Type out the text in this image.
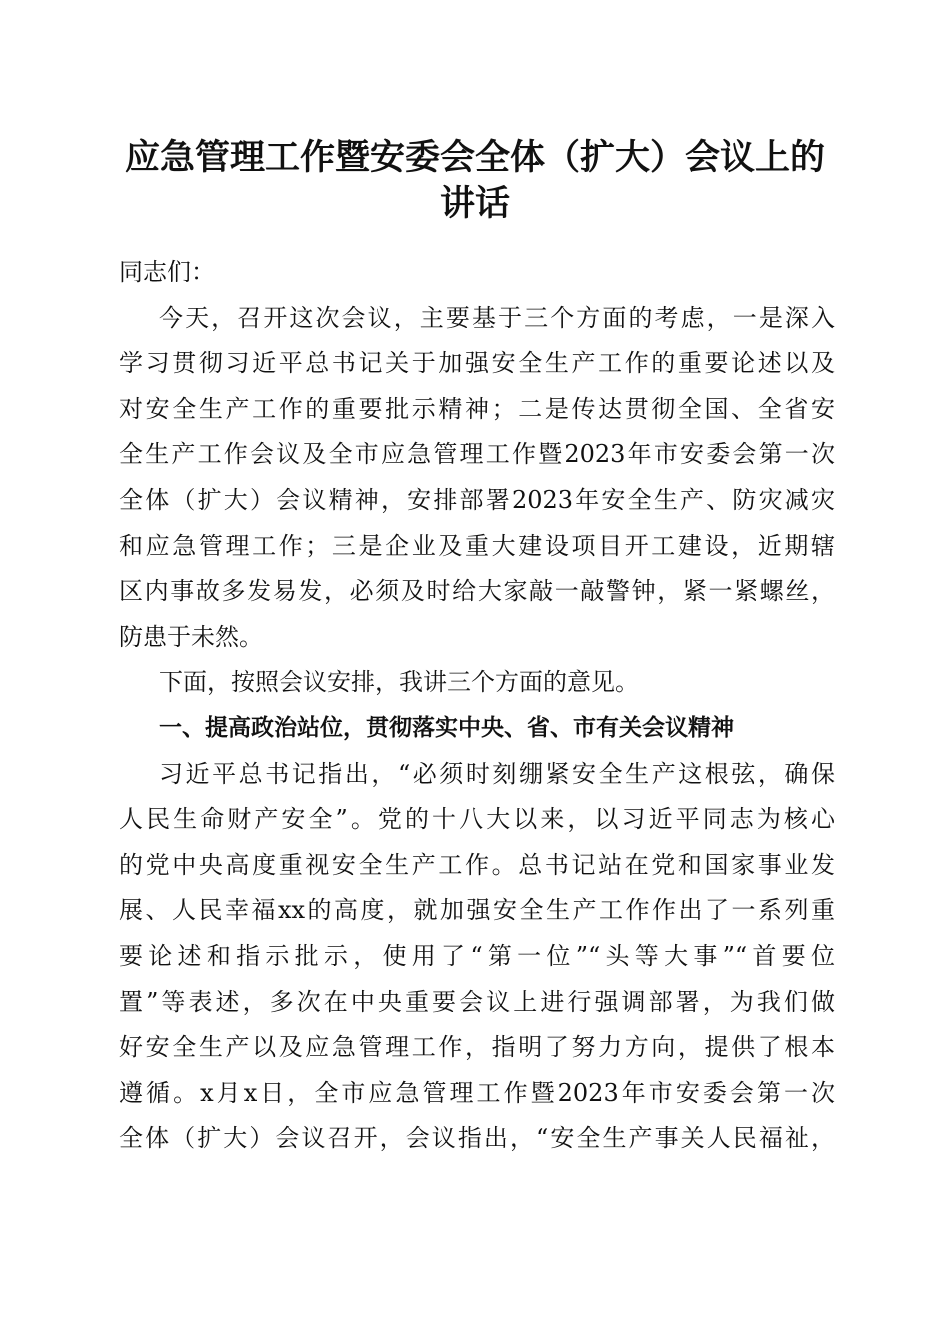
应急管理工作暨安委会全体（扩大）会议上的
讲话
同志们：
今天，召开这次会议，主要基于三个方面的考虑，一是深入
学习贯彻习近平总书记关于加强安全生产工作的重要论述以及
对安全生产工作的重要批示精神；二是传达贯彻全国、全省安
全生产工作会议及全市应急管理工作暨2023年市安委会第一次
全体（扩大）会议精神，安排部署2023年安全生产、防灾减灾
和应急管理工作；三是企业及重大建设项目开工建设，近期辖
区内事故多发易发，必须及时给大家敲一敲警钟，紧一紧螺丝，
防患于未然。
下面，按照会议安排，我讲三个方面的意见。
一、提高政治站位，贯彻落实中央、省、市有关会议精神
习近平总书记指出，“必须时刻绷紧安全生产这根弦，确保
人民生命财产安全”。党的十八大以来，以习近平同志为核心
的党中央高度重视安全生产工作。总书记站在党和国家事业发
展、人民幸福xx的高度，就加强安全生产工作作出了一系列重
要论述和指示批示，使用了“第一位”“头等大事”“首要位
置”等表述，多次在中央重要会议上进行强调部署，为我们做
好安全生产以及应急管理工作，指明了努力方向，提供了根本
遵循。x月x日，全市应急管理工作暨2023年市安委会第一次
全体（扩大）会议召开，会议指出，“安全生产事关人民福祉，
